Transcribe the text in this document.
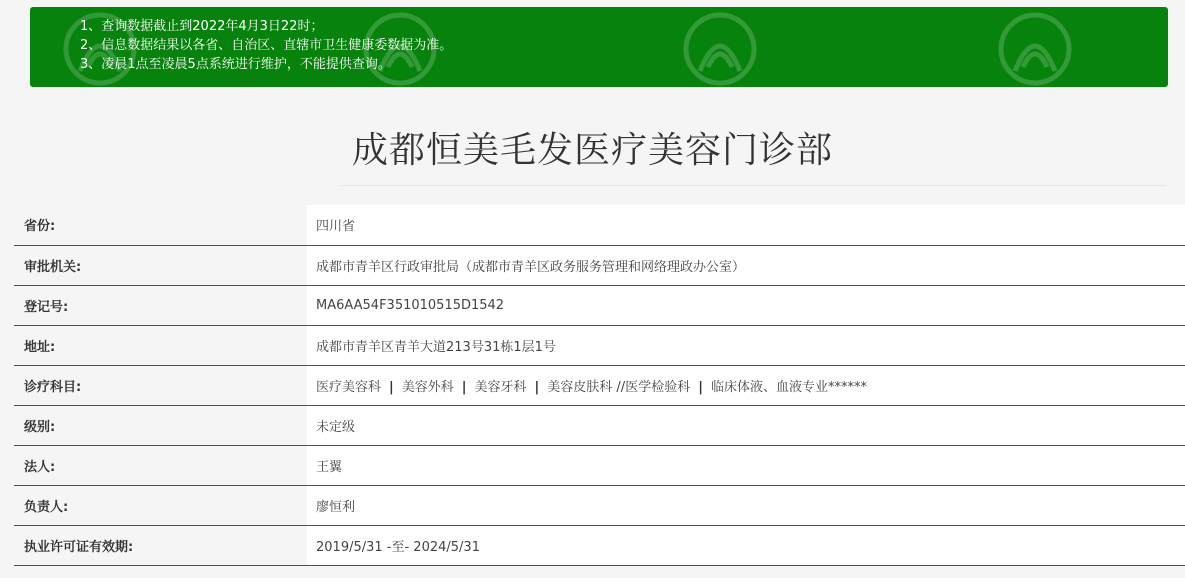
1、查询数据截止到2022年4月3日22时；
2、信息数据结果以各省、自治区、直辖市卫生健康委数据为准。
3、凌晨1点至凌晨5点系统进行维护，不能提供查询。
成都恒美毛发医疗美容门诊部
省份:	四川省
审批机关:	成都市青羊区行政审批局（成都市青羊区政务服务管理和网络理政办公室）
登记号:	MA6AA54F351010515D1542
地址:	成都市青羊区青羊大道213号31栋1层1号
诊疗科目:	医疗美容科 | 美容外科 | 美容牙科 | 美容皮肤科 //医学检验科 | 临床体液、血液专业******
级别:	未定级
法人:	王翼
负责人:	廖恒利
执业许可证有效期:	2019/5/31 -至- 2024/5/31
